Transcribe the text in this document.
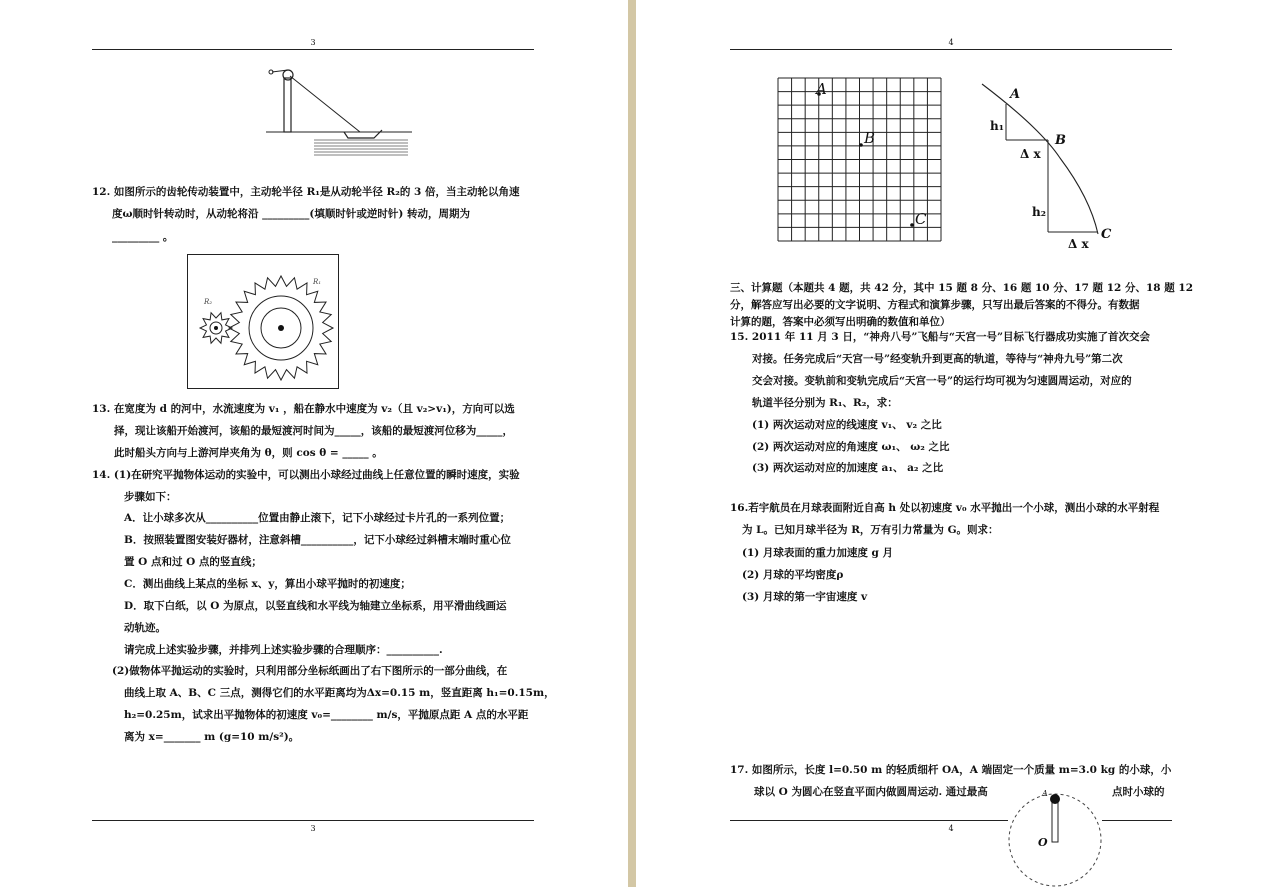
3
12. 如图所示的齿轮传动装置中，主动轮半径 R₁是从动轮半径 R₂的 3 倍，当主动轮以角速
度ω顺时针转动时，从动轮将沿 _________(填顺时针或逆时针) 转动，周期为
_________ 。
R₁
R₂
13. 在宽度为 d 的河中，水流速度为 v₁ ，船在静水中速度为 v₂（且 v₂>v₁)，方向可以选
择，现让该船开始渡河，该船的最短渡河时间为_____，该船的最短渡河位移为_____，
此时船头方向与上游河岸夹角为 θ，则 cos θ = _____ 。
14. (1)在研究平抛物体运动的实验中，可以测出小球经过曲线上任意位置的瞬时速度，实验
步骤如下：
A．让小球多次从__________位置由静止滚下，记下小球经过卡片孔的一系列位置；
B．按照装置图安装好器材，注意斜槽__________，记下小球经过斜槽末端时重心位
置 O 点和过 O 点的竖直线；
C．测出曲线上某点的坐标 x、y，算出小球平抛时的初速度；
D．取下白纸，以 O 为原点，以竖直线和水平线为轴建立坐标系，用平滑曲线画运
动轨迹。
请完成上述实验步骤，并排列上述实验步骤的合理顺序：__________.
(2)做物体平抛运动的实验时，只利用部分坐标纸画出了右下图所示的一部分曲线，在
曲线上取 A、B、C 三点，测得它们的水平距离均为Δx=0.15 m，竖直距离 h₁=0.15m，
h₂=0.25m，试求出平抛物体的初速度 v₀=________ m/s，平抛原点距 A 点的水平距
离为 x=_______ m (g=10 m/s²)。
3
4
A
B
C
A
B
C
h₁
h₂
Δ x
Δ x
三、计算题（本题共 4 题，共 42 分，其中 15 题 8 分、16 题 10 分、17 题 12 分、18 题 12
分，解答应写出必要的文字说明、方程式和演算步骤，只写出最后答案的不得分。有数据
计算的题，答案中必须写出明确的数值和单位）
15. 2011 年 11 月 3 日，“神舟八号”飞船与“天宫一号”目标飞行器成功实施了首次交会
对接。任务完成后“天宫一号”经变轨升到更高的轨道，等待与“神舟九号”第二次
交会对接。变轨前和变轨完成后“天宫一号”的运行均可视为匀速圆周运动，对应的
轨道半径分别为 R₁、R₂，求：
(1) 两次运动对应的线速度 v₁、 v₂ 之比
(2) 两次运动对应的角速度 ω₁、 ω₂ 之比
(3) 两次运动对应的加速度 a₁、 a₂ 之比
16.若宇航员在月球表面附近自高 h 处以初速度 v₀ 水平抛出一个小球，测出小球的水平射程
为 L。已知月球半径为 R，万有引力常量为 G。则求：
(1) 月球表面的重力加速度 g 月
(2) 月球的平均密度ρ
(3) 月球的第一宇宙速度 v
17. 如图所示，长度 l=0.50 m 的轻质细杆 OA，A 端固定一个质量 m=3.0 kg 的小球，小
球以 O 为圆心在竖直平面内做圆周运动. 通过最高	点时小球的
4
A
O
